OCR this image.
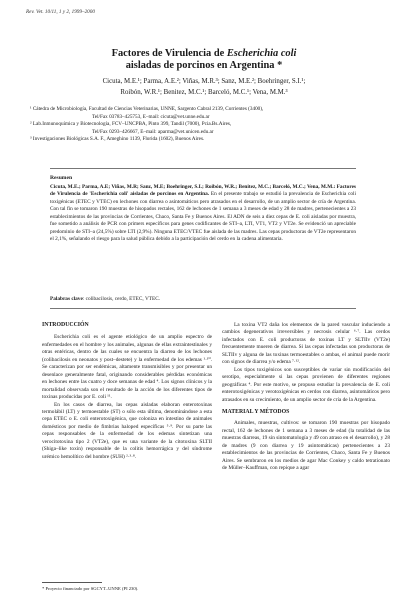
Rev. Vet. 10/11, 1 y 2, 1999–2000
Factores de Virulencia de Escherichia coli
aisladas de porcinos en Argentina *
Cicuta, M.E.¹; Parma, A.E.²; Viñas, M.R.³; Sanz, M.E.²; Boehringer, S.I.¹;
Roibón, W.R.¹; Benitez, M.C.¹; Barceló, M.C.¹; Vena, M.M.³
¹ Cátedra de Microbiología, Facultad de Ciencias Veterinarias, UNNE, Sargento Cabral 2139, Corrientes (3400),
Tel/Fax 03783–425753, E–mail: cicuta@vet.unne.edu.ar
² Lab.Inmunoquímica y Biotecnología, FCV–UNCPBA, Pinto 399, Tandil (7000), Pcia.Bs.Aires,
Tel/Fax 0293–426667, E–mail: aparma@vet.unicen.edu.ar
³ Investigaciones Biológicas S.A. F., Ameghino 1139, Florida (1602), Buenos Aires.
Resumen
Cicuta, M.E.; Parma, A.E; Viñas, M.R; Sanz, M.E; Boehringer, S.I.; Roibón, W.R.; Benitez, M.C.; Barceló, M.C.; Vena, M.M.: Factores de Virulencia de 'Escherichia coli' aisladas de porcinos en Argentina. En el presente trabajo se estudió la prevalencia de Escherichia coli toxigénicas (ETEC y VTEC) en lechones con diarrea o asintomáticos pero atrasados en el desarrollo, de un amplio sector de cría de Argentina. Con tal fin se tomaron 190 muestras de hisopados rectales, 162 de lechones de 1 semana a 3 meses de edad y 28 de madres, pertenecientes a 23 establecimientos de las provincias de Corrientes, Chaco, Santa Fe y Buenos Aires. El ADN de seis a diez cepas de E. coli aisladas por muestra, fue sometido a análisis de PCR con primers específicos para genes codificantes de STI–a, LTI, VT1, VT2 y VT2e. Se evidenció un apreciable predominio de STI–a (24,5%) sobre LTI (2,9%). Ninguna ETEC/VTEC fue aislada de las madres. Las cepas productoras de VT2e representaron el 2,1%, señalando el riesgo para la salud pública debido a la participación del cerdo en la cadena alimentaria.
Palabras clave: colibacilosis, cerdo, ETEC, VTEC.
INTRODUCCIÓN

Escherichia coli es el agente etiológico de un amplio espectro de enfermedades en el hombre y los animales, algunas de ellas extraintestinales y otras entéricas, dentro de las cuales se encuentra la diarrea de los lechones (colibacilosis en neonatos y post–destete) y la enfermedad de los edemas ¹·¹⁰. Se caracterizan por ser endémicas, altamente transmisibles y por presentar un desenlace generalmente fatal, originando considerables pérdidas económicas en lechones entre las cuatro y doce semanas de edad ⁴. Los signos clínicos y la mortalidad observada son el resultado de la acción de los diferentes tipos de toxinas producidas por E. coli ¹¹.

En los casos de diarrea, las cepas aisladas elaboran enterotoxinas termolábil (LT) y termoestable (ST) o sólo esta última, denominándose a esta cepa ETEC o E. coli enterotoxigénica, que coloniza en intestino de animales domésticos por medio de fimbrias haloped específicas ⁵·⁹. Por su parte las cepas responsables de la enfermedad de los edemas sintetizan una verocitotoxina tipo 2 (VT2e), que es una variante de la citotoxina SLTII (Shiga–like toxin) responsable de la colitis hemorrágica y del síndrome urémico hemolítico del hombre (SUH) ²·³·⁸.

La toxina VT2 daña los elementos de la pared vascular induciendo a cambios degenerativos irreversibles y necrosis celular ⁶·⁷. Las cerdos infectados con E. coli productoras de toxinas LT y SLTIIv (VT2e) frecuentemente mueren de diarrea. Si las cepas infectadas son productoras de SLTIIv y alguna de las toxinas termoestables o ambas, el animal puede morir con signos de diarrea y/o edema ⁷·¹².

Los tipos toxigénicos son susceptibles de variar sin modificación del serotipo, especialmente si las cepas provienen de diferentes regiones geográficas ⁴. Por este motivo, se propuso estudiar la prevalencia de E. coli enterotoxigénicas y verotoxigénicas en cerdos con diarrea, asintomáticos pero atrasados en su crecimiento, de un amplio sector de cría de la Argentina.

MATERIAL Y MÉTODOS

Animales, muestras, cultivos: se tomaron 190 muestras por hisopado rectal, 162 de lechones de 1 semana a 3 meses de edad (la totalidad de las muestras diarreas, 19 sin sintomatología y 49 con atraso en el desarrollo), y 28 de madres (9 con diarrea y 19 asintomáticas) pertenecientes a 23 establecimientos de las provincias de Corrientes, Chaco, Santa Fe y Buenos Aires. Se sembraron en los medios de agar Mac Conkey y caldo tetrationato de Müller–Kauffman, con repique a agar

* Proyecto financiado por SGCYT–UNNE (PI 230).
